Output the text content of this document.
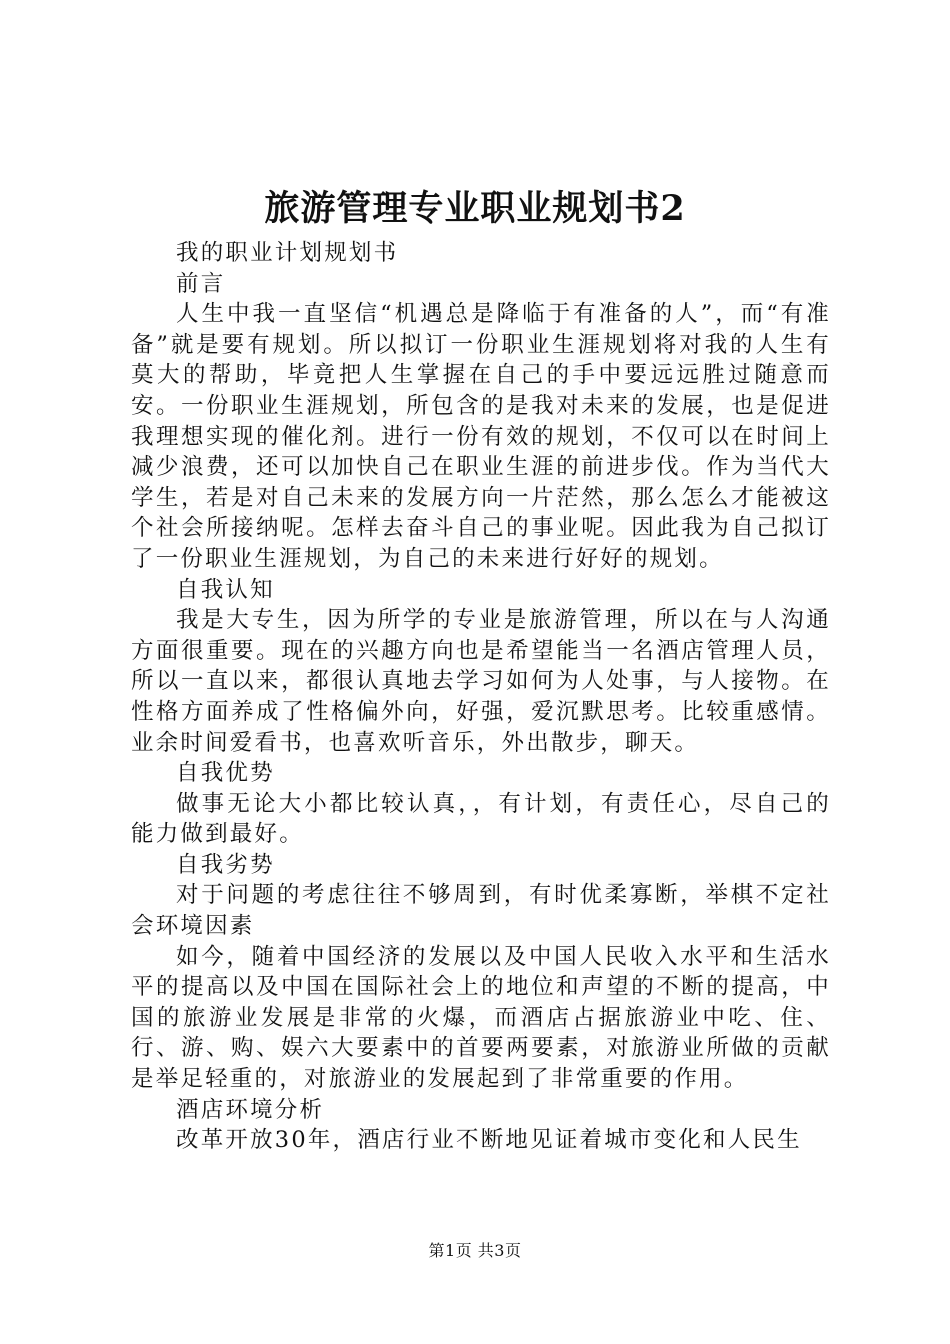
旅游管理专业职业规划书2

我的职业计划规划书

前言

人生中我一直坚信“机遇总是降临于有准备的人”，而“有准备”就是要有规划。所以拟订一份职业生涯规划将对我的人生有莫大的帮助，毕竟把人生掌握在自己的手中要远远胜过随意而安。一份职业生涯规划，所包含的是我对未来的发展，也是促进我理想实现的催化剂。进行一份有效的规划，不仅可以在时间上减少浪费，还可以加快自己在职业生涯的前进步伐。作为当代大学生，若是对自己未来的发展方向一片茫然，那么怎么才能被这个社会所接纳呢。怎样去奋斗自己的事业呢。因此我为自己拟订了一份职业生涯规划，为自己的未来进行好好的规划。

自我认知

我是大专生，因为所学的专业是旅游管理，所以在与人沟通方面很重要。现在的兴趣方向也是希望能当一名酒店管理人员，所以一直以来，都很认真地去学习如何为人处事，与人接物。在性格方面养成了性格偏外向，好强，爱沉默思考。比较重感情。业余时间爱看书，也喜欢听音乐，外出散步，聊天。

自我优势

做事无论大小都比较认真，，有计划，有责任心，尽自己的能力做到最好。

自我劣势

对于问题的考虑往往不够周到，有时优柔寡断，举棋不定社会环境因素

如今，随着中国经济的发展以及中国人民收入水平和生活水平的提高以及中国在国际社会上的地位和声望的不断的提高，中国的旅游业发展是非常的火爆，而酒店占据旅游业中吃、住、行、游、购、娱六大要素中的首要两要素，对旅游业所做的贡献是举足轻重的，对旅游业的发展起到了非常重要的作用。

酒店环境分析

改革开放30年，酒店行业不断地见证着城市变化和人民生

第1页 共3页
